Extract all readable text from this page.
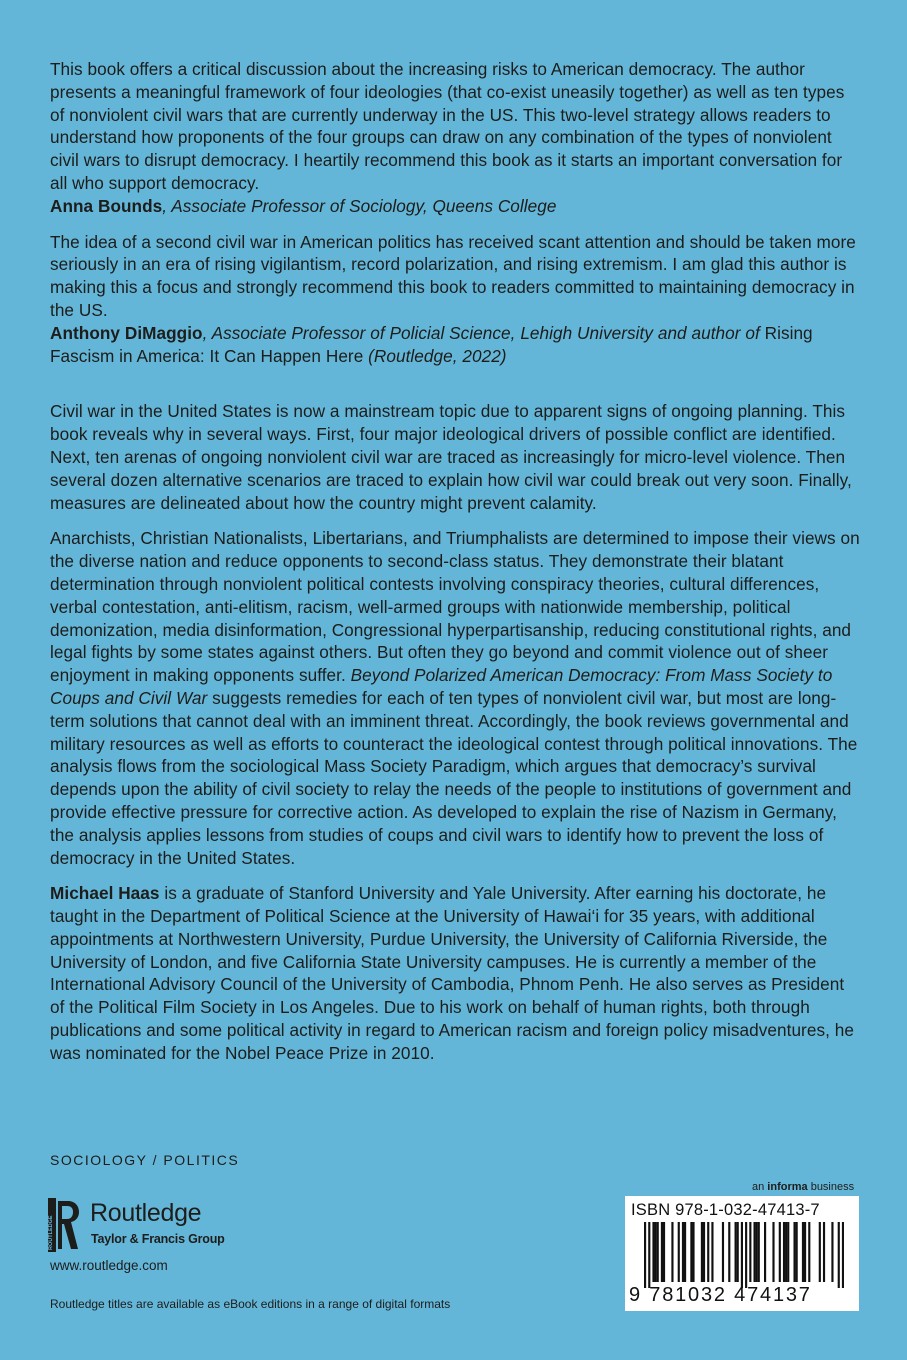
This book offers a critical discussion about the increasing risks to American democracy. The author presents a meaningful framework of four ideologies (that co-exist uneasily together) as well as ten types of nonviolent civil wars that are currently underway in the US. This two-level strategy allows readers to understand how proponents of the four groups can draw on any combination of the types of nonviolent civil wars to disrupt democracy. I heartily recommend this book as it starts an important conversation for all who support democracy.
Anna Bounds, Associate Professor of Sociology, Queens College

The idea of a second civil war in American politics has received scant attention and should be taken more seriously in an era of rising vigilantism, record polarization, and rising extremism. I am glad this author is making this a focus and strongly recommend this book to readers committed to maintaining democracy in the US.
Anthony DiMaggio, Associate Professor of Policial Science, Lehigh University and author of Rising Fascism in America: It Can Happen Here (Routledge, 2022)

Civil war in the United States is now a mainstream topic due to apparent signs of ongoing planning. This book reveals why in several ways. First, four major ideological drivers of possible conflict are identified. Next, ten arenas of ongoing nonviolent civil war are traced as increasingly for micro-level violence. Then several dozen alternative scenarios are traced to explain how civil war could break out very soon. Finally, measures are delineated about how the country might prevent calamity.

Anarchists, Christian Nationalists, Libertarians, and Triumphalists are determined to impose their views on the diverse nation and reduce opponents to second-class status. They demonstrate their blatant determination through nonviolent political contests involving conspiracy theories, cultural differences, verbal contestation, anti-elitism, racism, well-armed groups with nationwide membership, political demonization, media disinformation, Congressional hyperpartisanship, reducing constitutional rights, and legal fights by some states against others. But often they go beyond and commit violence out of sheer enjoyment in making opponents suffer. Beyond Polarized American Democracy: From Mass Society to Coups and Civil War suggests remedies for each of ten types of nonviolent civil war, but most are long-term solutions that cannot deal with an imminent threat. Accordingly, the book reviews governmental and military resources as well as efforts to counteract the ideological contest through political innovations. The analysis flows from the sociological Mass Society Paradigm, which argues that democracy’s survival depends upon the ability of civil society to relay the needs of the people to institutions of government and provide effective pressure for corrective action. As developed to explain the rise of Nazism in Germany, the analysis applies lessons from studies of coups and civil wars to identify how to prevent the loss of democracy in the United States.

Michael Haas is a graduate of Stanford University and Yale University. After earning his doctorate, he taught in the Department of Political Science at the University of Hawai‘i for 35 years, with additional appointments at Northwestern University, Purdue University, the University of California Riverside, the University of London, and five California State University campuses. He is currently a member of the International Advisory Council of the University of Cambodia, Phnom Penh. He also serves as President of the Political Film Society in Los Angeles. Due to his work on behalf of human rights, both through publications and some political activity in regard to American racism and foreign policy misadventures, he was nominated for the Nobel Peace Prize in 2010.

SOCIOLOGY / POLITICS
ROUTLEDGE
Routledge
Taylor & Francis Group
www.routledge.com
Routledge titles are available as eBook editions in a range of digital formats
an informa business
ISBN 978-1-032-47413-7
9 781032 474137
